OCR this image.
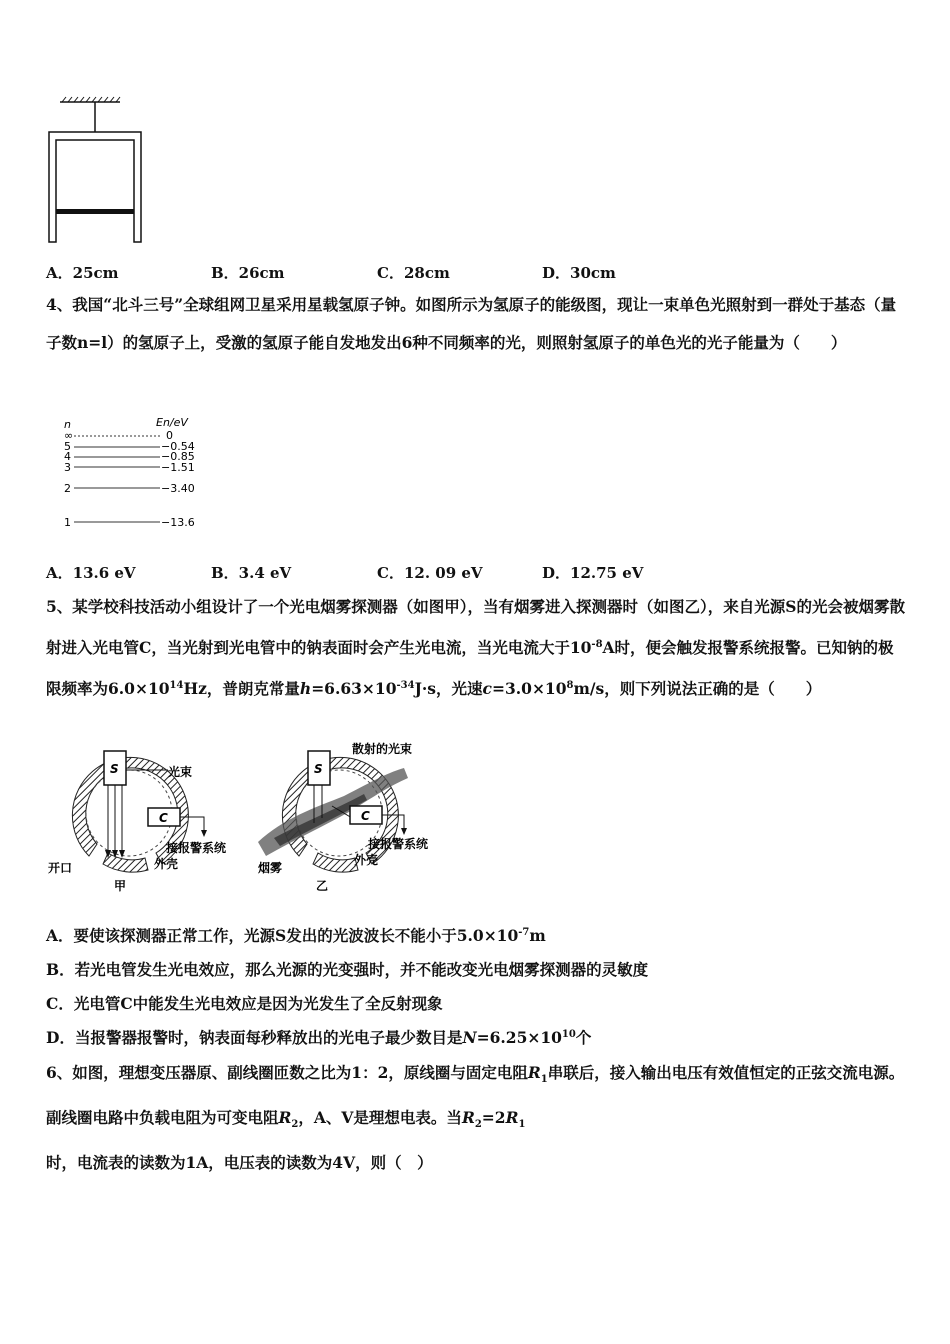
A．25cm	B．26cm	C．28cm	D．30cm
4、我国“北斗三号”全球组网卫星采用星载氢原子钟。如图所示为氢原子的能级图，现让一束单色光照射到一群处于基态（量子数n=l）的氢原子上，受激的氢原子能自发地发出6种不同频率的光，则照射氢原子的单色光的光子能量为（　　）
n	En/eV
∞	0
5	−0.54
4	−0.85
3	−1.51
2	−3.40
1	−13.6
A．13.6 eV	B．3.4 eV	C．12. 09 eV	D．12.75 eV
5、某学校科技活动小组设计了一个光电烟雾探测器（如图甲），当有烟雾进入探测器时（如图乙），来自光源S的光会被烟雾散射进入光电管C，当光射到光电管中的钠表面时会产生光电流，当光电流大于$10^{-8}A$时，便会触发报警系统报警。已知钠的极限频率为$6.0\times 10^{14}Hz$，普朗克常量$h=6.63\times 10^{-34}J\cdot s$，光速$c=3.0\times 10^8m/s$，则下列说法正确的是（　　）
S	光束
C
接报警系统
外壳
开口
甲
S
散射的光束
C
接报警系统
外壳
烟雾
乙
A．要使该探测器正常工作，光源S发出的光波波长不能小于$5.0\times 10^{-7}m$
B．若光电管发生光电效应，那么光源的光变强时，并不能改变光电烟雾探测器的灵敏度
C．光电管C中能发生光电效应是因为光发生了全反射现象
D．当报警器报警时，钠表面每秒释放出的光电子最少数目是$N=6.25\times 10^{10}$个
6、如图，理想变压器原、副线圈匝数之比为1：2，原线圈与固定电阻$R_1$串联后，接入输出电压有效值恒定的正弦交流电源。副线圈电路中负载电阻为可变电阻$R_2$，A、V是理想电表。当$R_2=2R_1$时，电流表的读数为1A，电压表的读数为4V，则（　）
